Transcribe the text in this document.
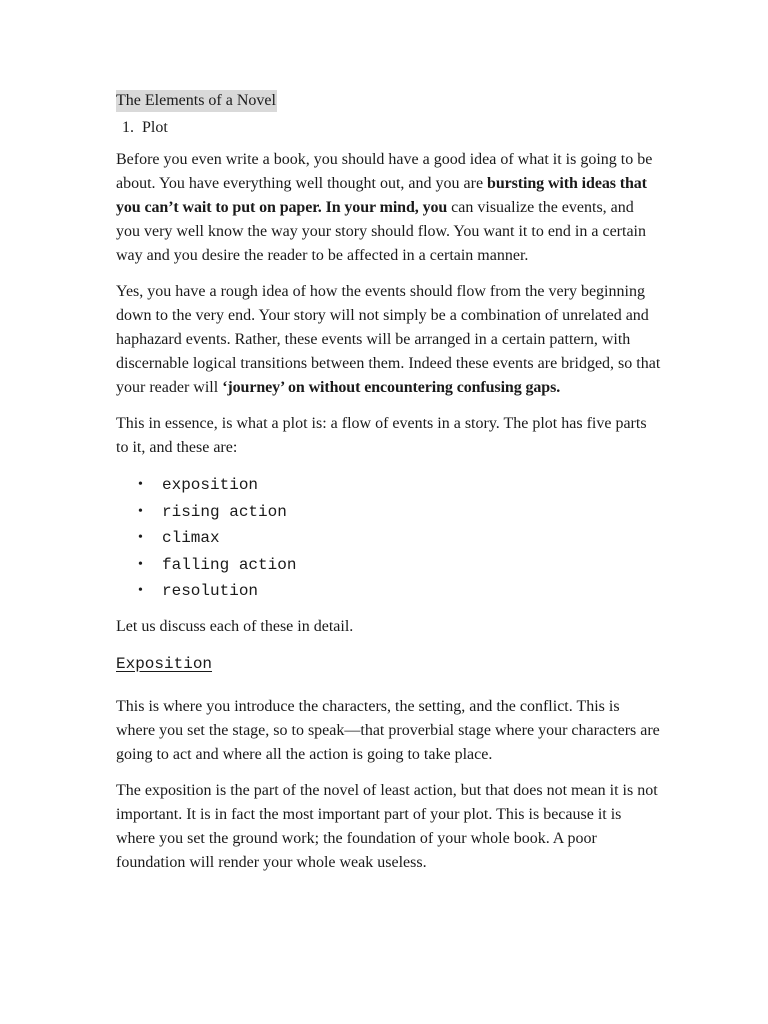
The Elements of a Novel
1. Plot

Before you even write a book, you should have a good idea of what it is going to be about. You have everything well thought out, and you are bursting with ideas that you can’t wait to put on paper. In your mind, you can visualize the events, and you very well know the way your story should flow. You want it to end in a certain way and you desire the reader to be affected in a certain manner.

Yes, you have a rough idea of how the events should flow from the very beginning down to the very end. Your story will not simply be a combination of unrelated and haphazard events. Rather, these events will be arranged in a certain pattern, with discernable logical transitions between them. Indeed these events are bridged, so that your reader will ‘journey’ on without encountering confusing gaps.

This in essence, is what a plot is: a flow of events in a story. The plot has five parts to it, and these are:

• exposition
• rising action
• climax
• falling action
• resolution

Let us discuss each of these in detail.

Exposition

This is where you introduce the characters, the setting, and the conflict. This is where you set the stage, so to speak—that proverbial stage where your characters are going to act and where all the action is going to take place.

The exposition is the part of the novel of least action, but that does not mean it is not important. It is in fact the most important part of your plot. This is because it is where you set the ground work; the foundation of your whole book. A poor foundation will render your whole weak useless.
